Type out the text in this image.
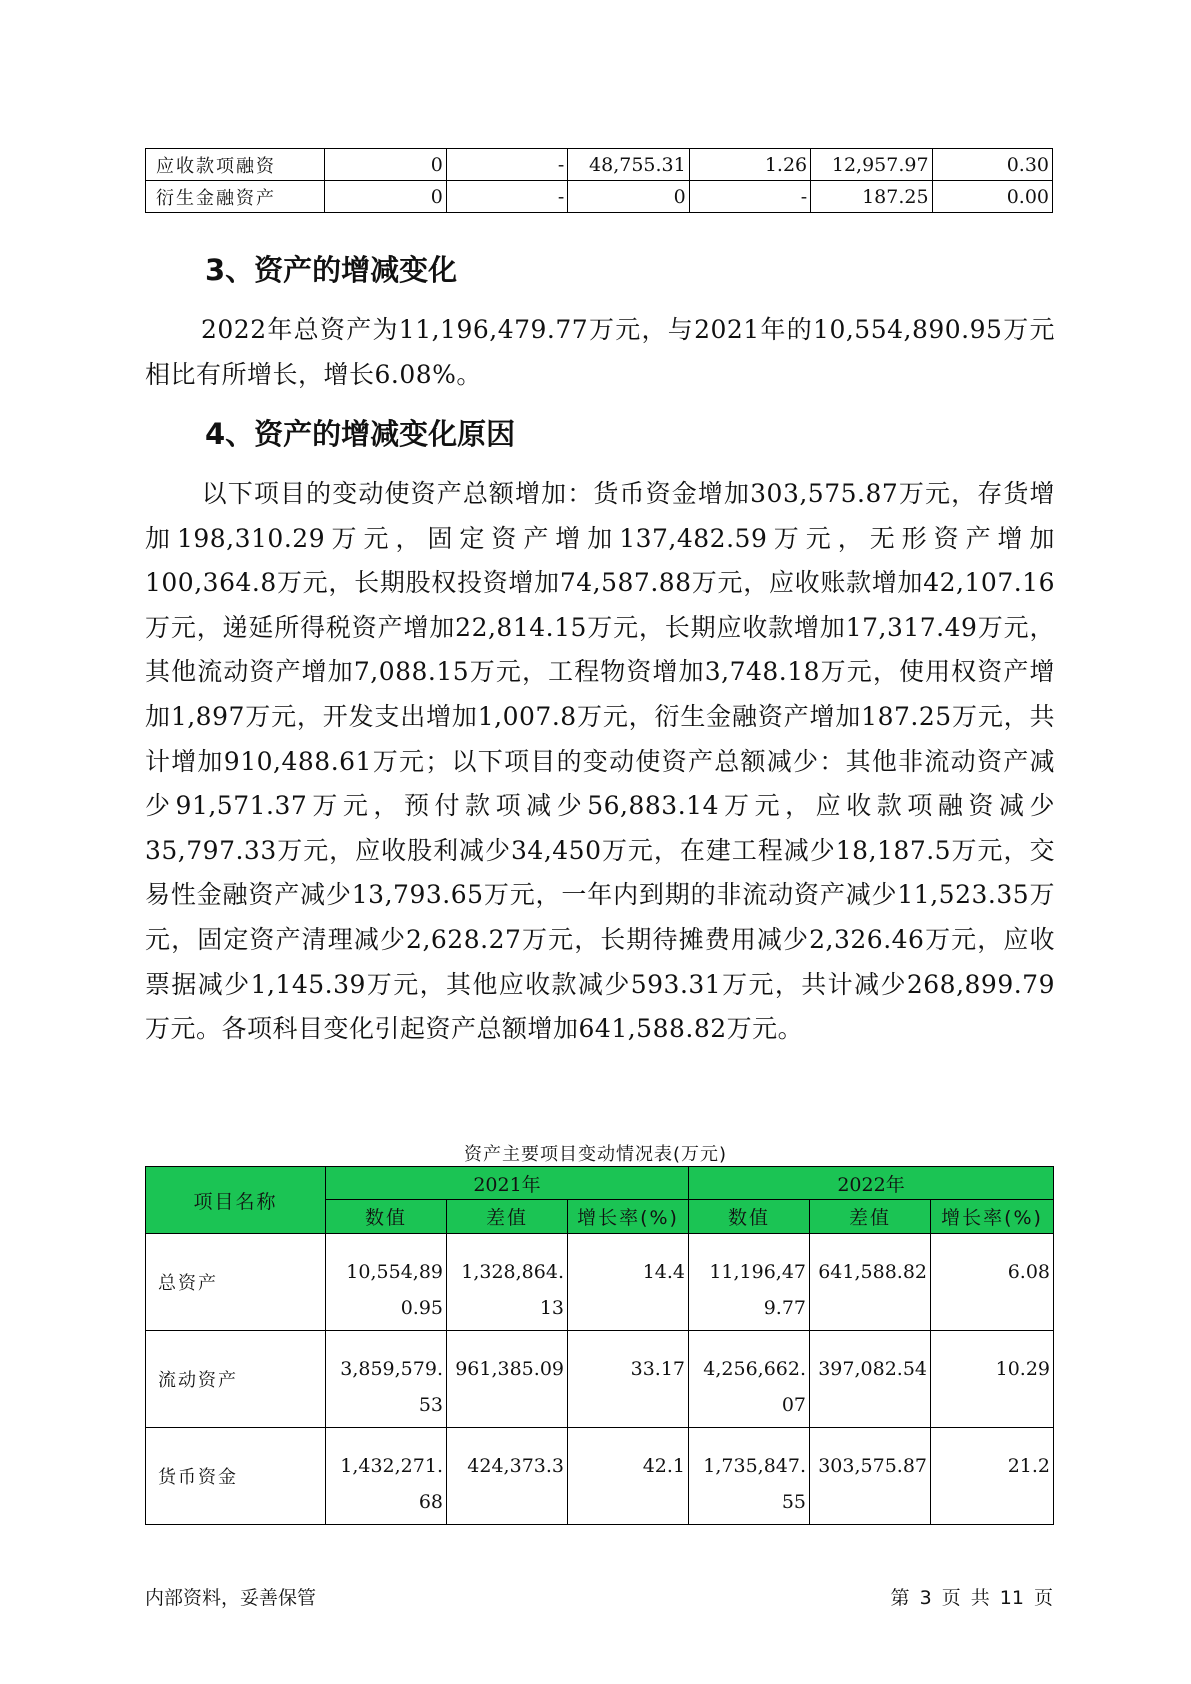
应收款项融资	0	-	48,755.31	1.26	12,957.97	0.30
衍生金融资产	0	-	0	-	187.25	0.00
3、资产的增减变化

2022年总资产为11,196,479.77万元，与2021年的10,554,890.95万元相比有所增长，增长6.08%。

4、资产的增减变化原因

以下项目的变动使资产总额增加：货币资金增加303,575.87万元，存货增加198,310.29万元，固定资产增加137,482.59万元，无形资产增加100,364.8万元，长期股权投资增加74,587.88万元，应收账款增加42,107.16万元，递延所得税资产增加22,814.15万元，长期应收款增加17,317.49万元，其他流动资产增加7,088.15万元，工程物资增加3,748.18万元，使用权资产增加1,897万元，开发支出增加1,007.8万元，衍生金融资产增加187.25万元，共计增加910,488.61万元；以下项目的变动使资产总额减少：其他非流动资产减少91,571.37万元，预付款项减少56,883.14万元，应收款项融资减少35,797.33万元，应收股利减少34,450万元，在建工程减少18,187.5万元，交易性金融资产减少13,793.65万元，一年内到期的非流动资产减少11,523.35万元，固定资产清理减少2,628.27万元，长期待摊费用减少2,326.46万元，应收票据减少1,145.39万元，其他应收款减少593.31万元，共计减少268,899.79万元。各项科目变化引起资产总额增加641,588.82万元。

资产主要项目变动情况表(万元)
项目名称	2021年			2022年		
	数值	差值	增长率(%)	数值	差值	增长率(%)
总资产	10,554,890.95	1,328,864.13	14.4	11,196,479.77	641,588.82	6.08
流动资产	3,859,579.53	961,385.09	33.17	4,256,662.07	397,082.54	10.29
货币资金	1,432,271.68	424,373.3	42.1	1,735,847.55	303,575.87	21.2
内部资料，妥善保管	第 3 页 共 11 页
